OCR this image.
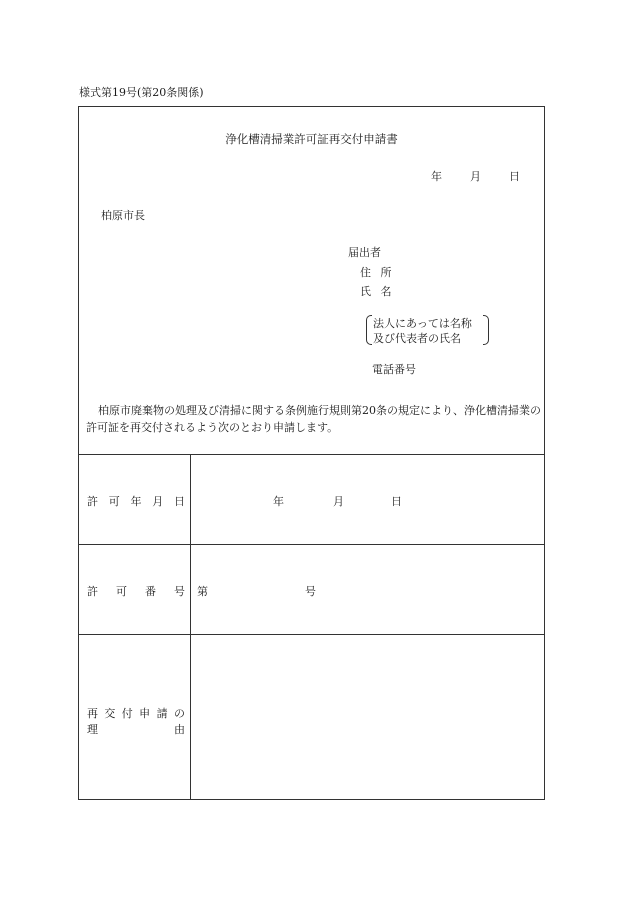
様式第19号(第20条関係)
浄化槽清掃業許可証再交付申請書
年	月	日
柏原市長
届出者
住 所
氏 名
法人にあっては名称
及び代表者の氏名
電話番号
柏原市廃棄物の処理及び清掃に関する条例施行規則第20条の規定により、浄化槽清掃業の許可証を再交付されるよう次のとおり申請します。
許 可 年 月 日	年	月	日
許 可 番 号 第	号
再 交 付 申 請 の
理	由
